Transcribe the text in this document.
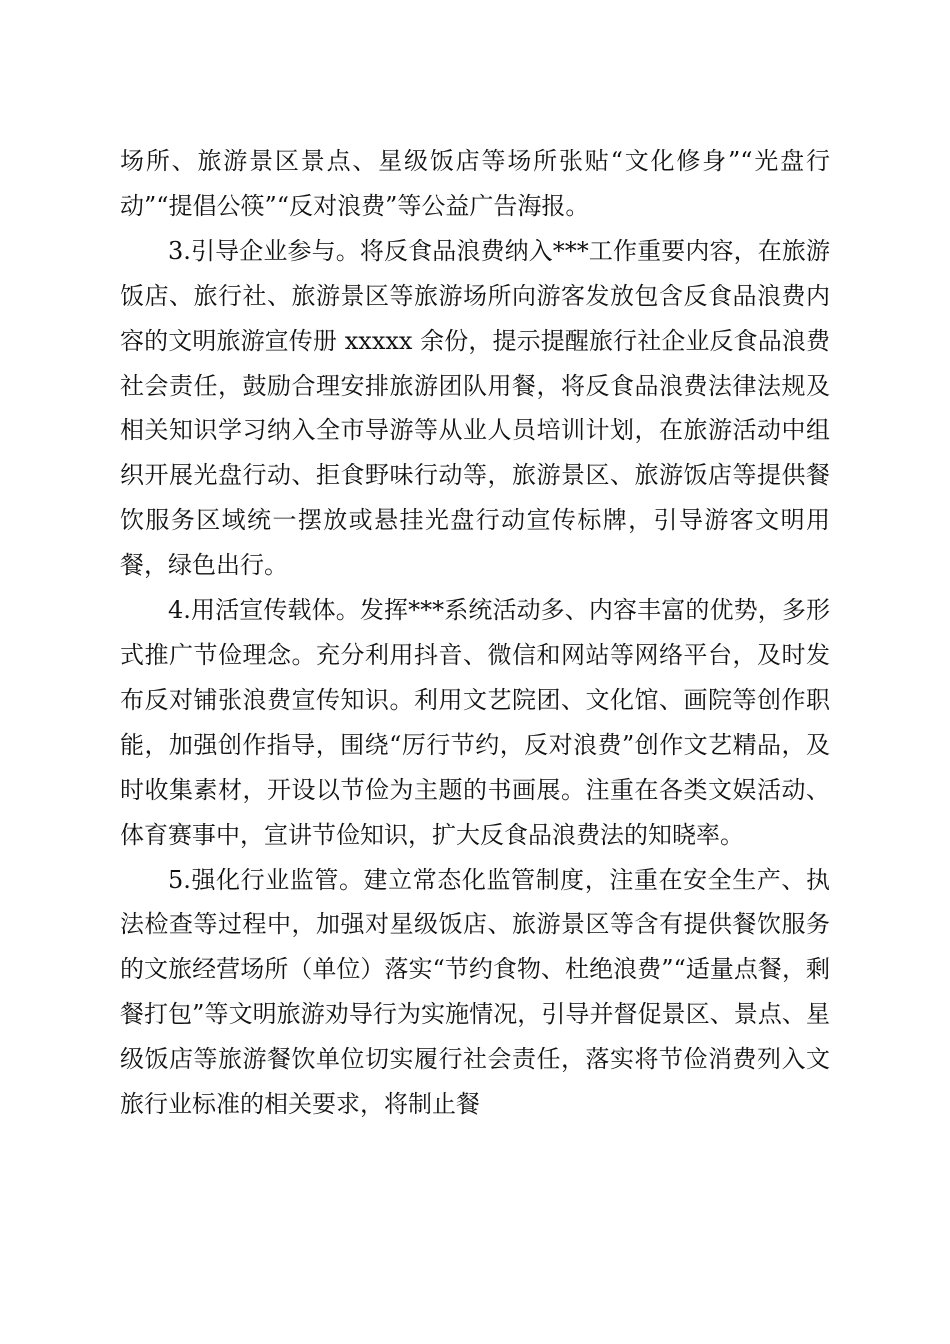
场所、旅游景区景点、星级饭店等场所张贴“文化修身”“光盘行动”“提倡公筷”“反对浪费”等公益广告海报。

3.引导企业参与。将反食品浪费纳入***工作重要内容，在旅游饭店、旅行社、旅游景区等旅游场所向游客发放包含反食品浪费内容的文明旅游宣传册 xxxxx 余份，提示提醒旅行社企业反食品浪费社会责任，鼓励合理安排旅游团队用餐，将反食品浪费法律法规及相关知识学习纳入全市导游等从业人员培训计划，在旅游活动中组织开展光盘行动、拒食野味行动等，旅游景区、旅游饭店等提供餐饮服务区域统一摆放或悬挂光盘行动宣传标牌，引导游客文明用餐，绿色出行。

4.用活宣传载体。发挥***系统活动多、内容丰富的优势，多形式推广节俭理念。充分利用抖音、微信和网站等网络平台，及时发布反对铺张浪费宣传知识。利用文艺院团、文化馆、画院等创作职能，加强创作指导，围绕“厉行节约，反对浪费”创作文艺精品，及时收集素材，开设以节俭为主题的书画展。注重在各类文娱活动、体育赛事中，宣讲节俭知识，扩大反食品浪费法的知晓率。

5.强化行业监管。建立常态化监管制度，注重在安全生产、执法检查等过程中，加强对星级饭店、旅游景区等含有提供餐饮服务的文旅经营场所（单位）落实“节约食物、杜绝浪费”“适量点餐，剩餐打包”等文明旅游劝导行为实施情况，引导并督促景区、景点、星级饭店等旅游餐饮单位切实履行社会责任，落实将节俭消费列入文旅行业标准的相关要求，将制止餐
